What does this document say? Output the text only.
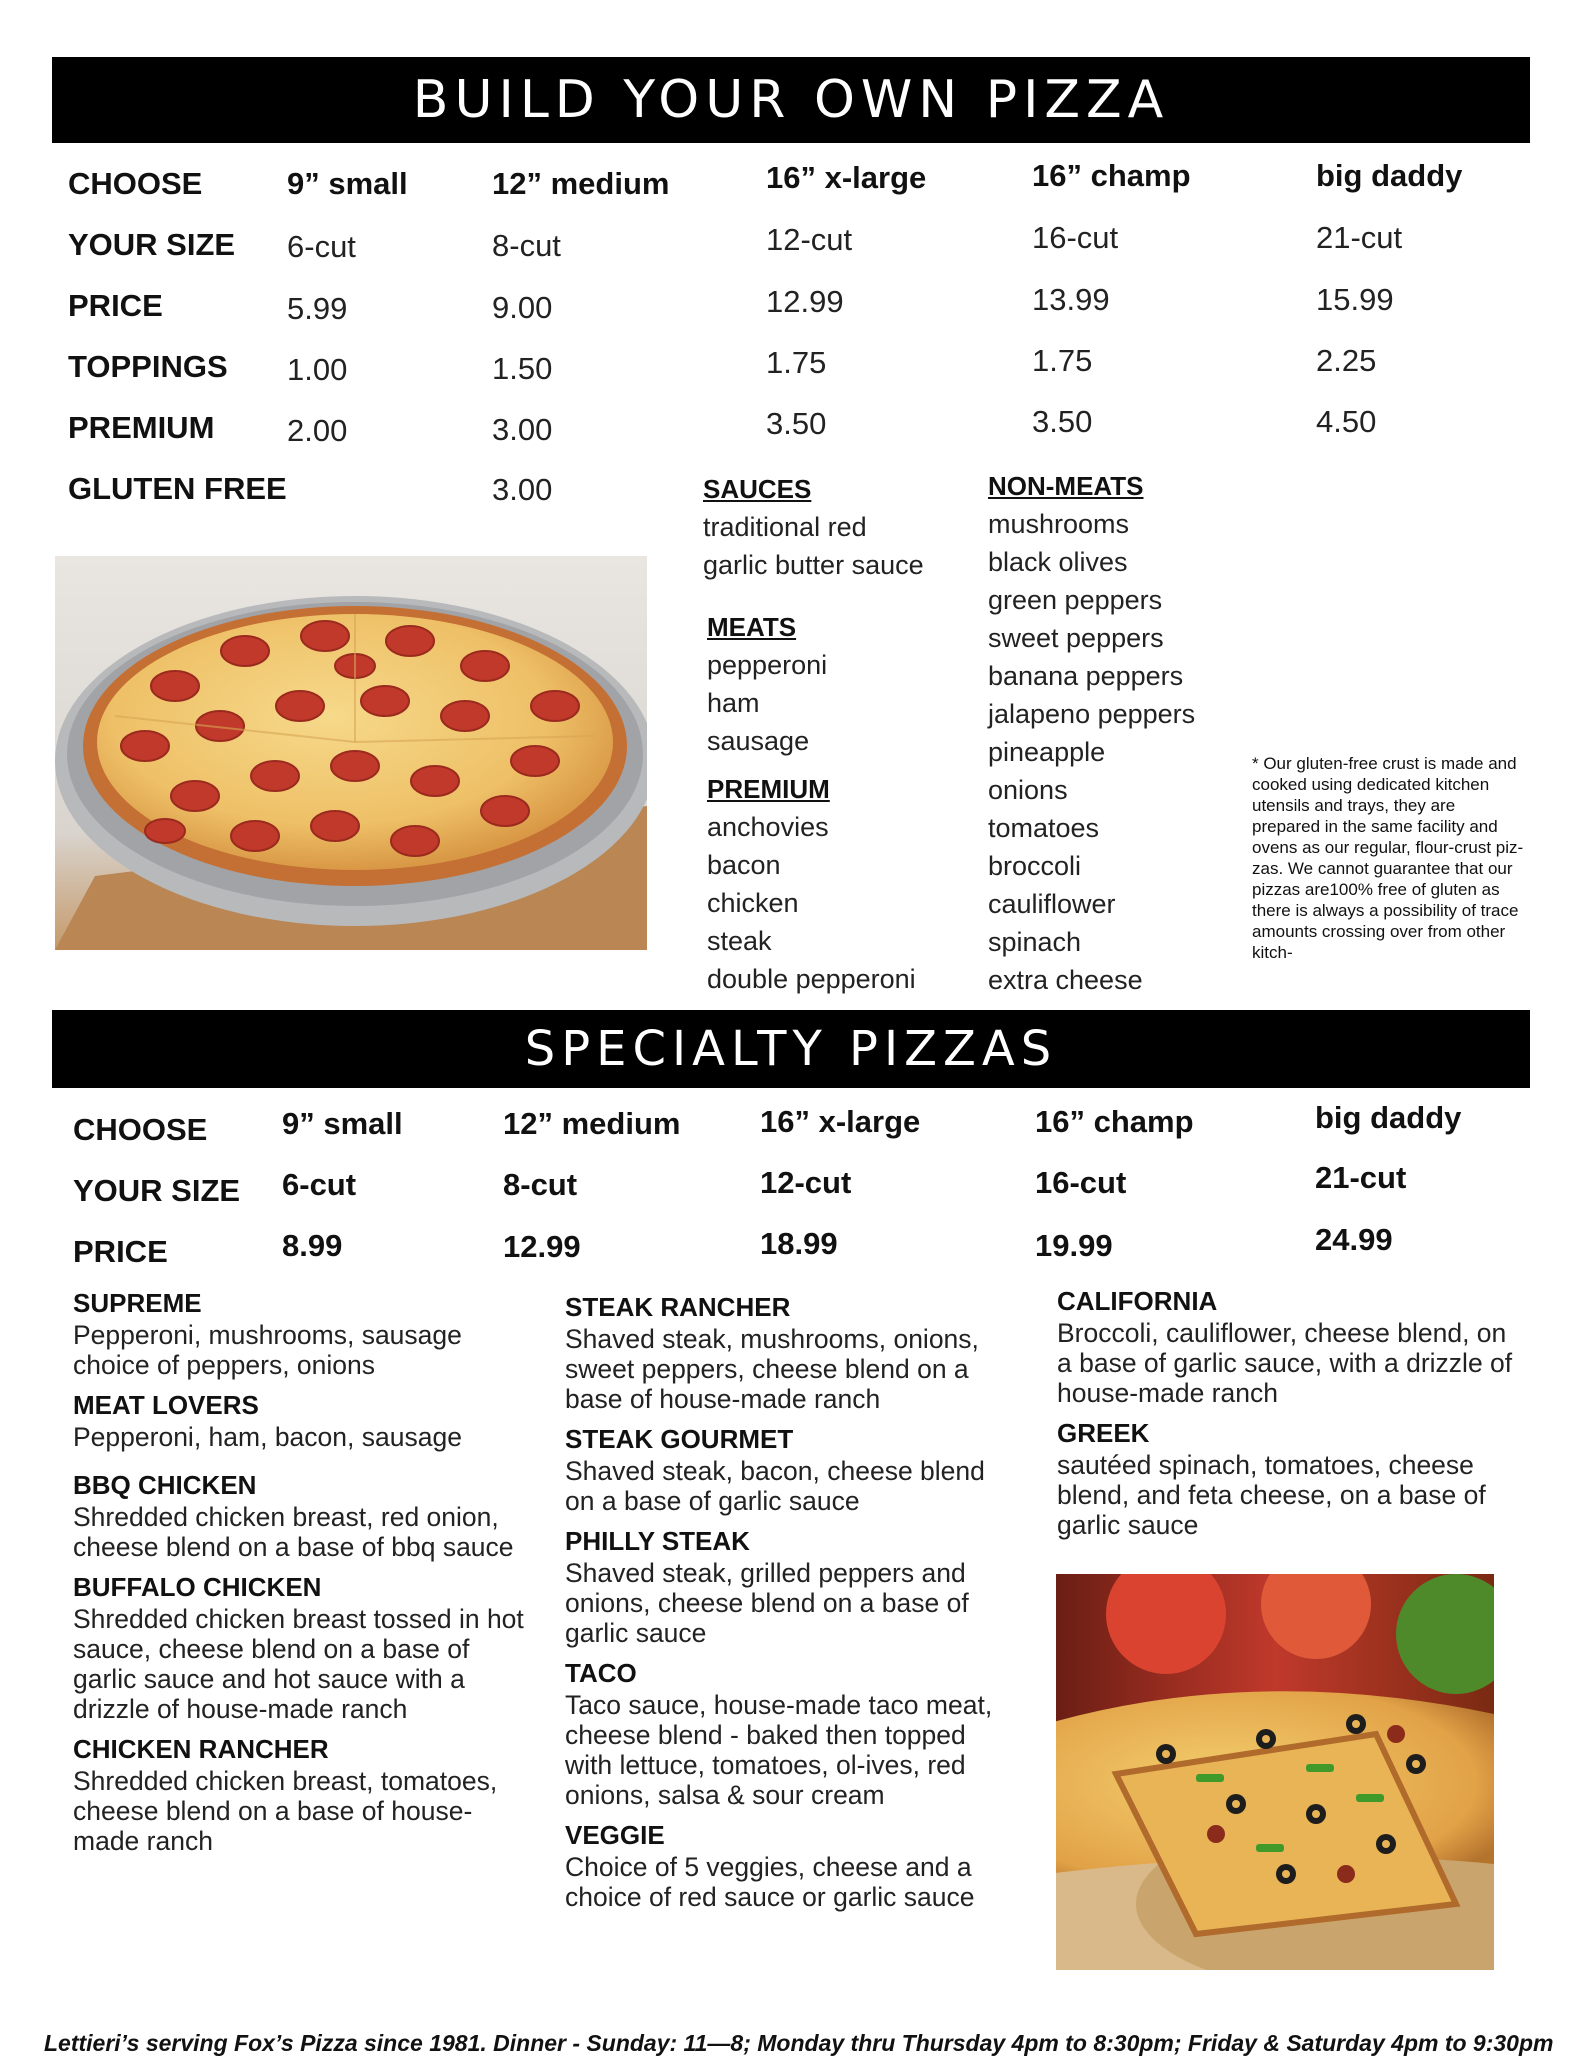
BUILD YOUR OWN PIZZA
CHOOSE
YOUR SIZE
PRICE
TOPPINGS
PREMIUM
GLUTEN FREE
9” small
6-cut
5.99
1.00
2.00
12” medium
8-cut
9.00
1.50
3.00
3.00
16” x-large
12-cut
12.99
1.75
3.50
16” champ
16-cut
13.99
1.75
3.50
big daddy
21-cut
15.99
2.25
4.50
SAUCES
traditional red
garlic butter sauce
MEATS
pepperoni
ham
sausage
PREMIUM
anchovies
bacon
chicken
steak
double pepperoni
NON-MEATS
mushrooms
black olives
green peppers
sweet peppers
banana peppers
jalapeno peppers
pineapple
onions
tomatoes
broccoli
cauliflower
spinach
extra cheese
* Our gluten-free crust is made and cooked using dedicated kitchen utensils and trays, they are prepared in the same facility and ovens as our regular, flour-crust piz-zas. We cannot guarantee that our pizzas are100% free of gluten as there is always a possibility of trace amounts crossing over from other kitch-
SPECIALTY PIZZAS
CHOOSE
YOUR SIZE
PRICE
9” small
6-cut
8.99
12” medium
8-cut
12.99
16” x-large
12-cut
18.99
16” champ
16-cut
19.99
big daddy
21-cut
24.99
SUPREME
Pepperoni, mushrooms, sausage choice of peppers, onions
MEAT LOVERS
Pepperoni, ham, bacon, sausage
BBQ CHICKEN
Shredded chicken breast, red onion, cheese blend on a base of bbq sauce
BUFFALO CHICKEN
Shredded chicken breast tossed in hot sauce, cheese blend on a base of garlic sauce and hot sauce with a drizzle of house-made ranch
CHICKEN RANCHER
Shredded chicken breast, tomatoes, cheese blend on a base of house-made ranch
STEAK RANCHER
Shaved steak, mushrooms, onions, sweet peppers, cheese blend on a base of house-made ranch
STEAK GOURMET
Shaved steak, bacon, cheese blend on a base of garlic sauce
PHILLY STEAK
Shaved steak, grilled peppers and onions, cheese blend on a base of garlic sauce
TACO
Taco sauce, house-made taco meat, cheese blend - baked then topped with lettuce, tomatoes, ol-ives, red onions, salsa & sour cream
VEGGIE
Choice of 5 veggies, cheese and a choice of red sauce or garlic sauce
CALIFORNIA
Broccoli, cauliflower, cheese blend, on a base of garlic sauce, with a drizzle of house-made ranch
GREEK
sautéed spinach, tomatoes, cheese blend, and feta cheese, on a base of garlic sauce
Lettieri’s serving Fox’s Pizza since 1981. Dinner - Sunday: 11—8; Monday thru Thursday 4pm to 8:30pm; Friday & Saturday 4pm to 9:30pm
